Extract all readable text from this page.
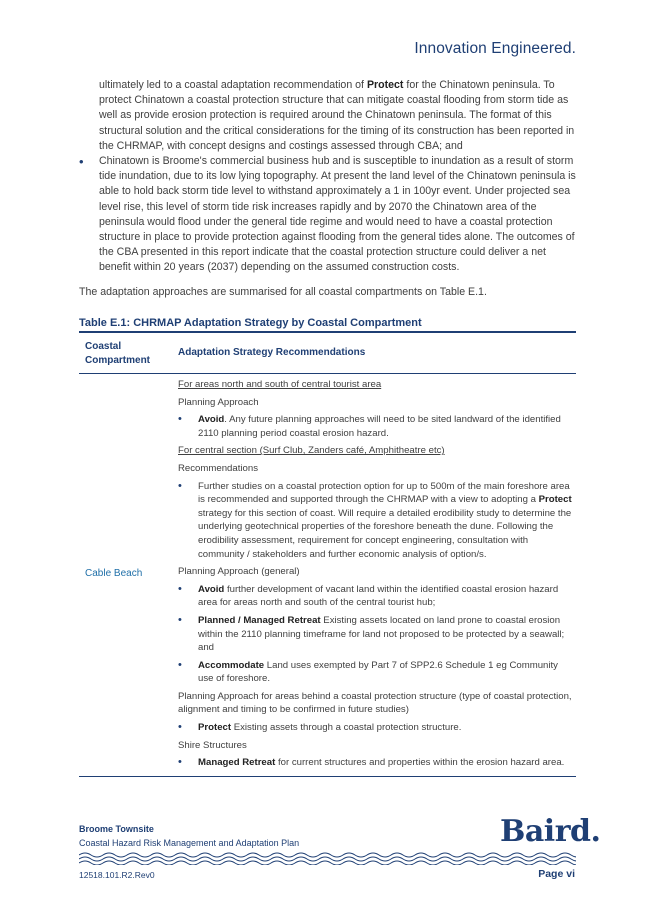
Innovation Engineered.

ultimately led to a coastal adaptation recommendation of Protect for the Chinatown peninsula. To protect Chinatown a coastal protection structure that can mitigate coastal flooding from storm tide as well as provide erosion protection is required around the Chinatown peninsula. The format of this structural solution and the critical considerations for the timing of its construction has been reported in the CHRMAP, with concept designs and costings assessed through CBA; and

• Chinatown is Broome's commercial business hub and is susceptible to inundation as a result of storm tide inundation, due to its low lying topography. At present the land level of the Chinatown peninsula is able to hold back storm tide level to withstand approximately a 1 in 100yr event. Under projected sea level rise, this level of storm tide risk increases rapidly and by 2070 the Chinatown area of the peninsula would flood under the general tide regime and would need to have a coastal protection structure in place to provide protection against flooding from the general tides alone. The outcomes of the CBA presented in this report indicate that the coastal protection structure could deliver a net benefit within 20 years (2037) depending on the assumed construction costs.

The adaptation approaches are summarised for all coastal compartments on Table E.1.

Table E.1: CHRMAP Adaptation Strategy by Coastal Compartment
Coastal Compartment
Adaptation Strategy Recommendations
Cable Beach

For areas north and south of central tourist area

Planning Approach

• Avoid. Any future planning approaches will need to be sited landward of the identified 2110 planning period coastal erosion hazard.

For central section (Surf Club, Zanders café, Amphitheatre etc)

Recommendations

• Further studies on a coastal protection option for up to 500m of the main foreshore area is recommended and supported through the CHRMAP with a view to adopting a Protect strategy for this section of coast. Will require a detailed erodibility study to determine the underlying geotechnical properties of the foreshore beneath the dune. Following the erodibility assessment, requirement for concept engineering, consultation with community / stakeholders and further economic analysis of option/s.

Planning Approach (general)

• Avoid further development of vacant land within the identified coastal erosion hazard area for areas north and south of the central tourist hub;

• Planned / Managed Retreat Existing assets located on land prone to coastal erosion within the 2110 planning timeframe for land not proposed to be protected by a seawall; and

• Accommodate Land uses exempted by Part 7 of SPP2.6 Schedule 1 eg Community use of foreshore.

Planning Approach for areas behind a coastal protection structure (type of coastal protection, alignment and timing to be confirmed in future studies)

• Protect Existing assets through a coastal protection structure.

Shire Structures

• Managed Retreat for current structures and properties within the erosion hazard area.

Broome Townsite
Coastal Hazard Risk Management and Adaptation Plan	Baird.
12518.101.R2.Rev0	Page vi
